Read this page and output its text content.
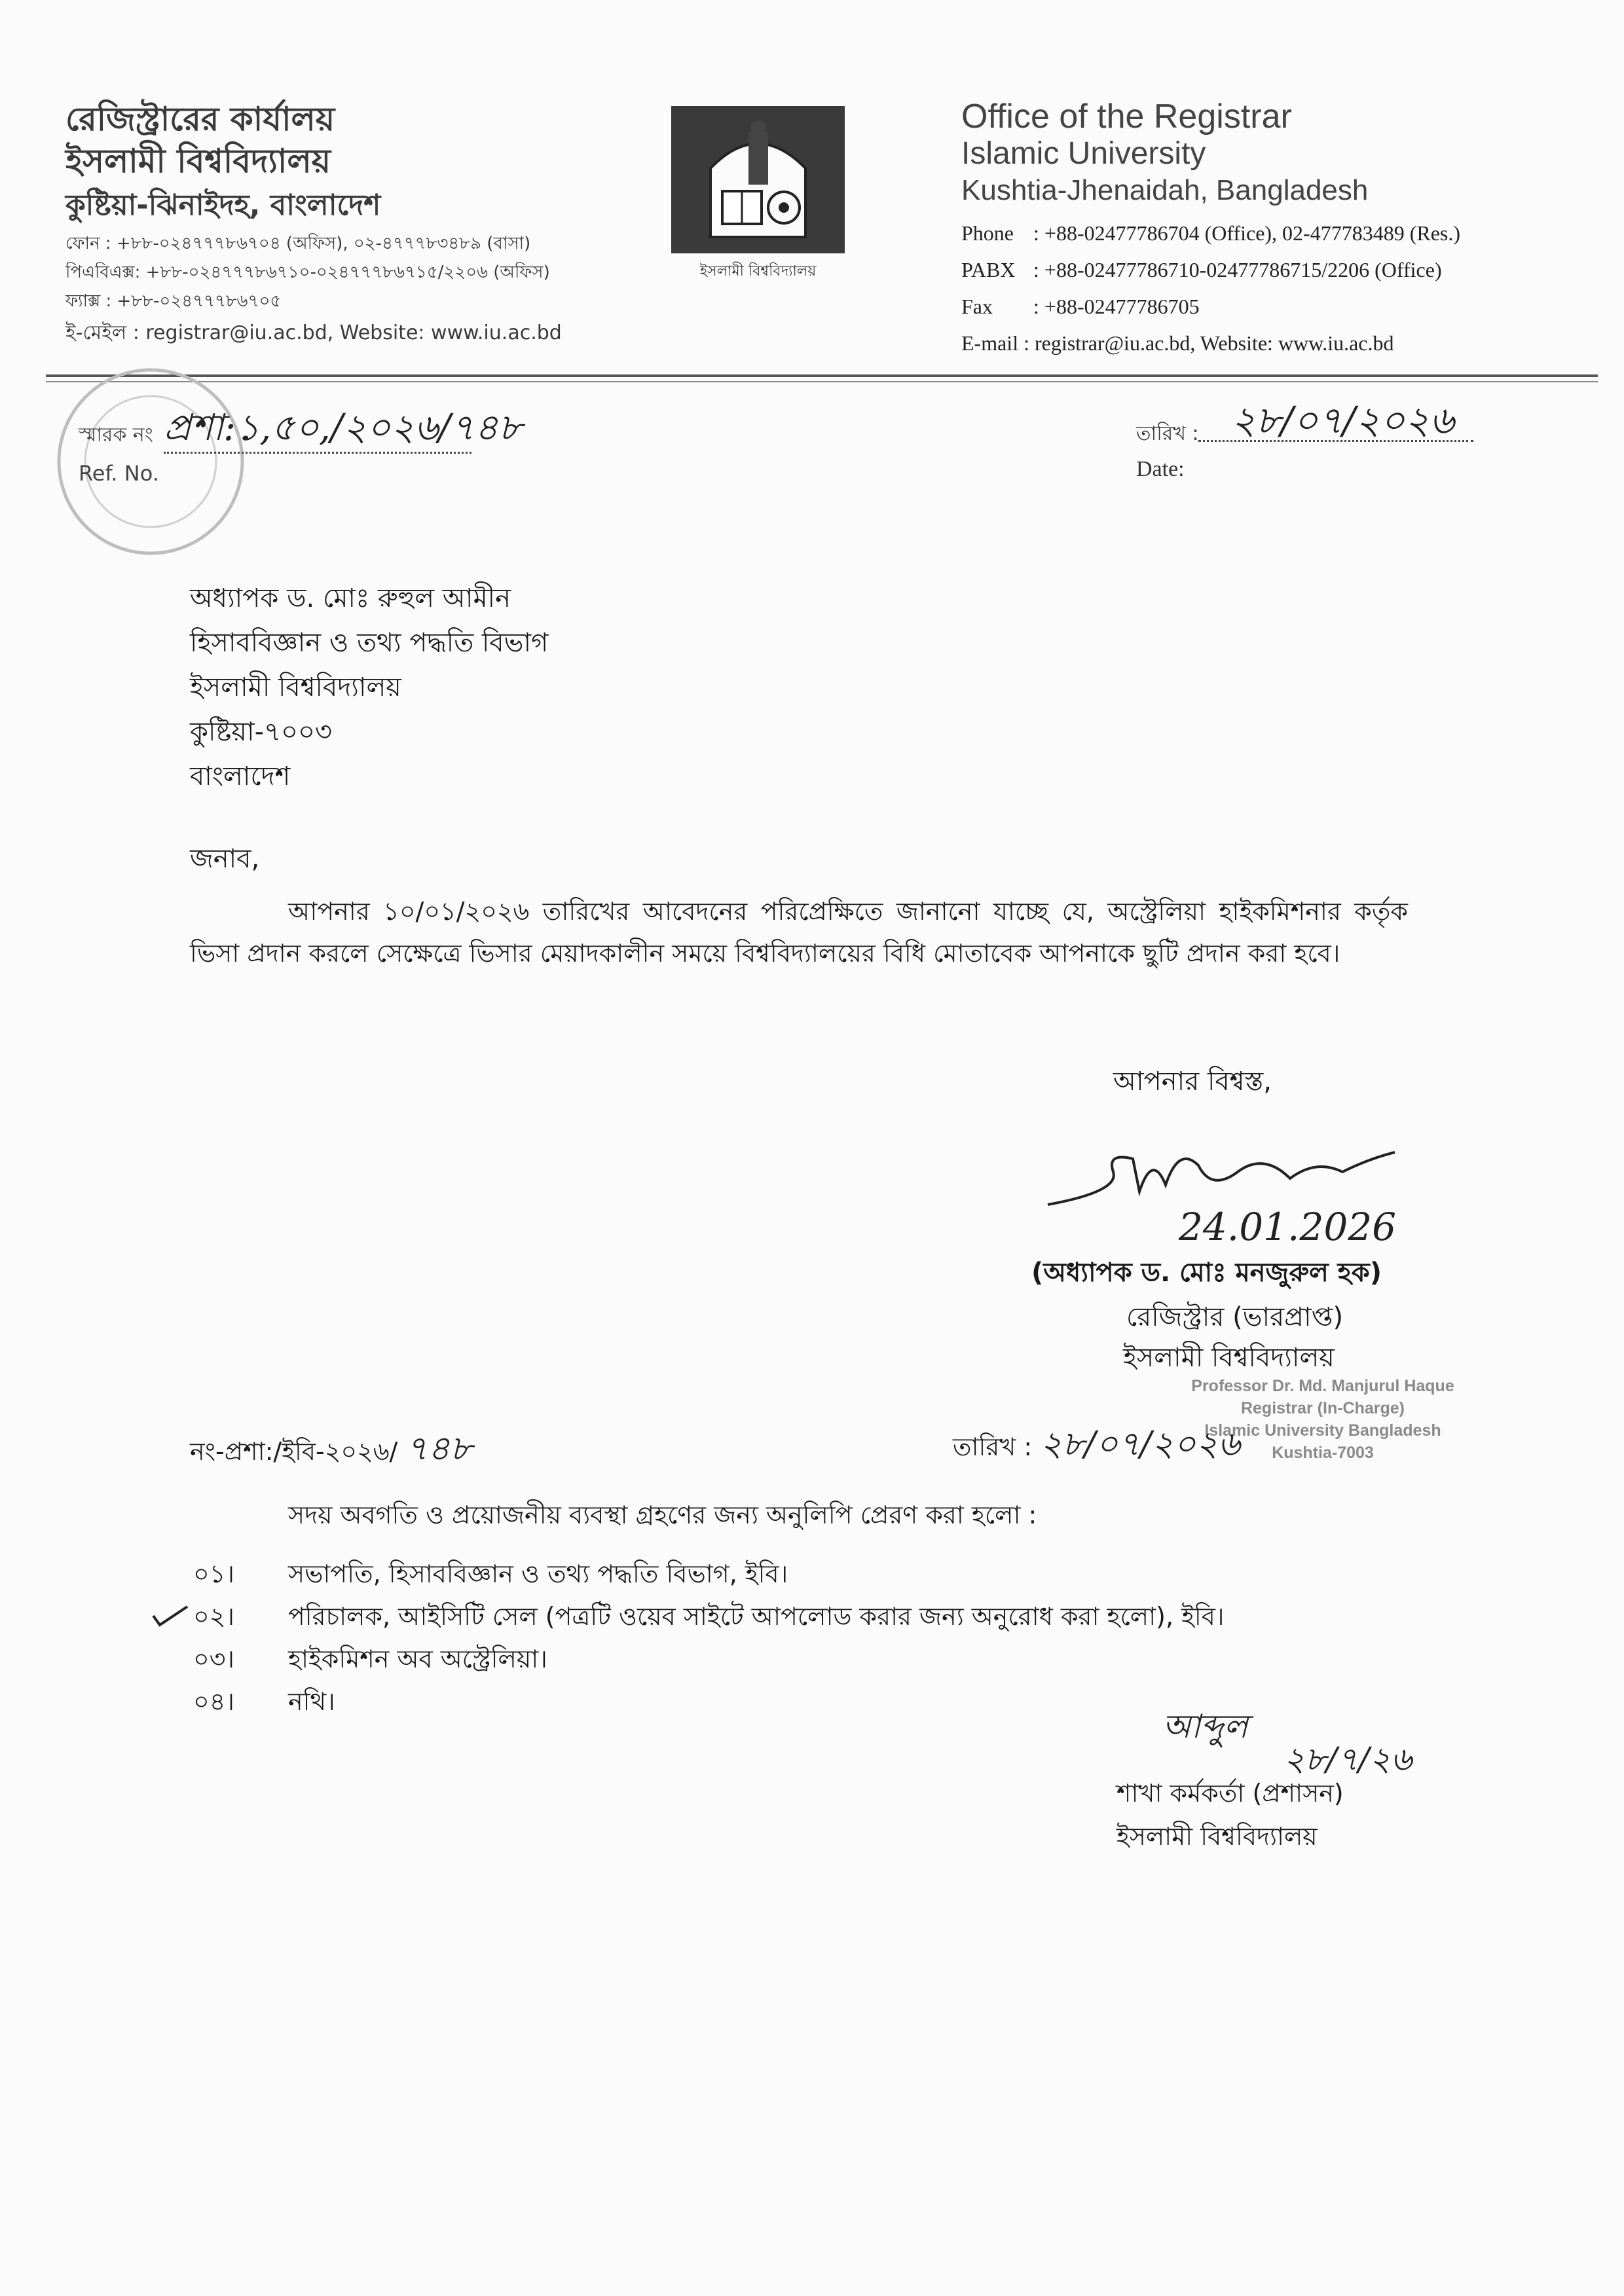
রেজিস্ট্রারের কার্যালয়
ইসলামী বিশ্ববিদ্যালয়
কুষ্টিয়া-ঝিনাইদহ, বাংলাদেশ
ফোন : +৮৮-০২৪৭৭৭৮৬৭০৪ (অফিস), ০২-৪৭৭৭৮৩৪৮৯ (বাসা)
পিএবিএক্স: +৮৮-০২৪৭৭৭৮৬৭১০-০২৪৭৭৭৮৬৭১৫/২২০৬ (অফিস)
ফ্যাক্স : +৮৮-০২৪৭৭৭৮৬৭০৫
ই-মেইল : registrar@iu.ac.bd, Website: www.iu.ac.bd
ইসলামী বিশ্ববিদ্যালয়
Office of the Registrar
Islamic University
Kushtia-Jhenaidah, Bangladesh
Phone : +88-02477786704 (Office), 02-477783489 (Res.)
PABX : +88-02477786710-02477786715/2206 (Office)
Fax : +88-02477786705
E-mail : registrar@iu.ac.bd, Website: www.iu.ac.bd
স্মারক নং
Ref. No.
প্রশা:১,৫০,/২০২৬/৭৪৮	তারিখ :
Date:
২৮/০৭/২০২৬
অধ্যাপক ড. মোঃ রুহুল আমীন
হিসাববিজ্ঞান ও তথ্য পদ্ধতি বিভাগ
ইসলামী বিশ্ববিদ্যালয়
কুষ্টিয়া-৭০০৩
বাংলাদেশ
জনাব,
আপনার ১০/০১/২০২৬ তারিখের আবেদনের পরিপ্রেক্ষিতে জানানো যাচ্ছে যে, অস্ট্রেলিয়া হাইকমিশনার কর্তৃক ভিসা প্রদান করলে সেক্ষেত্রে ভিসার মেয়াদকালীন সময়ে বিশ্ববিদ্যালয়ের বিধি মোতাবেক আপনাকে ছুটি প্রদান করা হবে।
আপনার বিশ্বস্ত,
24.01.2026
(অধ্যাপক ড. মোঃ মনজুরুল হক)
রেজিস্ট্রার (ভারপ্রাপ্ত)
ইসলামী বিশ্ববিদ্যালয়
Professor Dr. Md. Manjurul Haque
Registrar (In-Charge)
Islamic University Bangladesh
Kushtia-7003
নং-প্রশা:/ইবি-২০২৬/ ৭৪৮	তারিখ : ২৮/০৭/২০২৬
সদয় অবগতি ও প্রয়োজনীয় ব্যবস্থা গ্রহণের জন্য অনুলিপি প্রেরণ করা হলো :
০১।	সভাপতি, হিসাববিজ্ঞান ও তথ্য পদ্ধতি বিভাগ, ইবি।
০২।	পরিচালক, আইসিটি সেল (পত্রটি ওয়েব সাইটে আপলোড করার জন্য অনুরোধ করা হলো), ইবি।
০৩।	হাইকমিশন অব অস্ট্রেলিয়া।
০৪।	নথি।
আব্দুল
২৮/৭/২৬
শাখা কর্মকর্তা (প্রশাসন)
ইসলামী বিশ্ববিদ্যালয়
